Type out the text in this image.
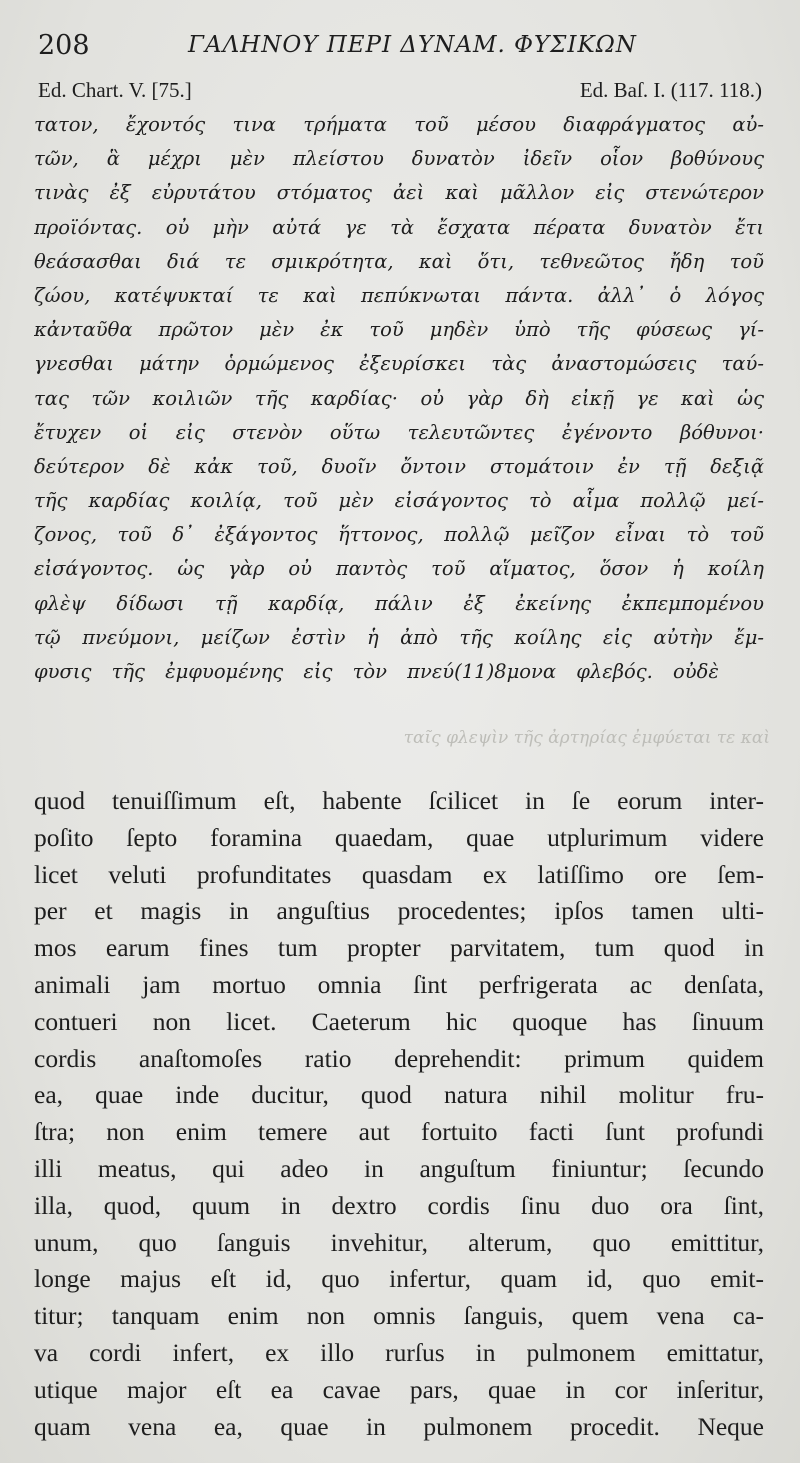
208	ΓΑΛΗΝΟΥ ΠΕΡΙ ΔΥΝΑΜ. ΦΥΣΙΚΩΝ
Ed. Chart. V. [75.]	Ed. Baſ. I. (117. 118.)
τατον, ἔχοντός τινα τρήματα τοῦ μέσου διαφράγματος αὐ-
τῶν, ἃ μέχρι μὲν πλείστου δυνατὸν ἰδεῖν οἷον βοθύνους
τινὰς ἐξ εὐρυτάτου στόματος ἀεὶ καὶ μᾶλλον εἰς στενώτερον
προϊόντας. οὐ μὴν αὐτά γε τὰ ἔσχατα πέρατα δυνατὸν ἔτι
θεάσασθαι διά τε σμικρότητα, καὶ ὅτι, τεθνεῶτος ἤδη τοῦ
ζώου, κατέψυκταί τε καὶ πεπύκνωται πάντα. ἀλλ᾽ ὁ λόγος
κἀνταῦθα πρῶτον μὲν ἐκ τοῦ μηδὲν ὑπὸ τῆς φύσεως γί-
γνεσθαι μάτην ὁρμώμενος ἐξευρίσκει τὰς ἀναστομώσεις ταύ-
τας τῶν κοιλιῶν τῆς καρδίας· οὐ γὰρ δὴ εἰκῇ γε καὶ ὡς
ἔτυχεν οἱ εἰς στενὸν οὕτω τελευτῶντες ἐγένοντο βόθυνοι·
δεύτερον δὲ κἀκ τοῦ, δυοῖν ὄντοιν στομάτοιν ἐν τῇ δεξιᾷ
τῆς καρδίας κοιλίᾳ, τοῦ μὲν εἰσάγοντος τὸ αἷμα πολλῷ μεί-
ζονος, τοῦ δ᾽ ἐξάγοντος ἥττονος, πολλῷ μεῖζον εἶναι τὸ τοῦ
εἰσάγοντος. ὡς γὰρ οὐ παντὸς τοῦ αἵματος, ὅσον ἡ κοίλη
φλὲψ δίδωσι τῇ καρδίᾳ, πάλιν ἐξ ἐκείνης ἐκπεμπομένου
τῷ πνεύμονι, μείζων ἐστὶν ἡ ἀπὸ τῆς κοίλης εἰς αὐτὴν ἔμ-
φυσις τῆς ἐμφυομένης εἰς τὸν πνεύ(11)8μονα φλεβός. οὐδὲ
ταῖς φλεψὶν τῆς ἀρτηρίας ἐμφύεται τε καὶ
quod tenuiſſimum eſt, habente ſcilicet in ſe eorum inter-
poſito ſepto foramina quaedam, quae utplurimum videre
licet veluti profunditates quasdam ex latiſſimo ore ſem-
per et magis in anguſtius procedentes; ipſos tamen ulti-
mos earum fines tum propter parvitatem, tum quod in
animali jam mortuo omnia ſint perfrigerata ac denſata,
contueri non licet. Caeterum hic quoque has ſinuum
cordis anaſtomoſes ratio deprehendit: primum quidem
ea, quae inde ducitur, quod natura nihil molitur fru-
ſtra; non enim temere aut fortuito facti ſunt profundi
illi meatus, qui adeo in anguſtum finiuntur; ſecundo
illa, quod, quum in dextro cordis ſinu duo ora ſint,
unum, quo ſanguis invehitur, alterum, quo emittitur,
longe majus eſt id, quo infertur, quam id, quo emit-
titur; tanquam enim non omnis ſanguis, quem vena ca-
va cordi infert, ex illo rurſus in pulmonem emittatur,
utique major eſt ea cavae pars, quae in cor inſeritur,
quam vena ea, quae in pulmonem procedit. Neque
